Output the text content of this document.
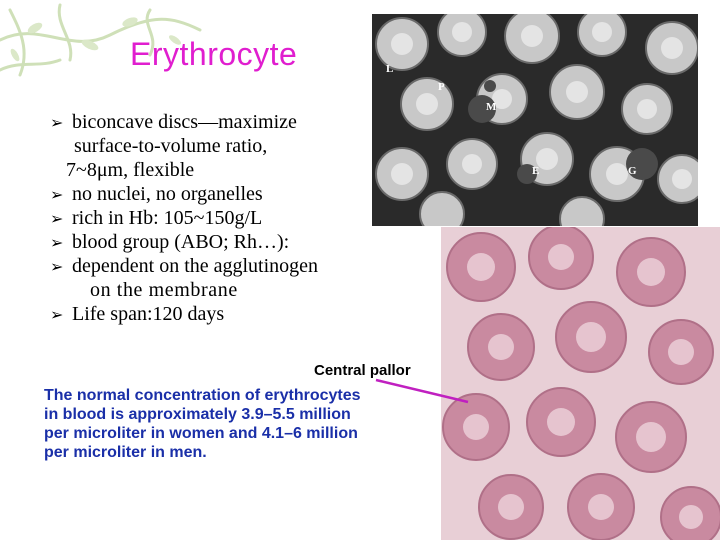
Erythrocyte
➢ biconcave discs—maximize
surface-to-volume ratio,
7~8μm, flexible
➢ no nuclei, no organelles
➢ rich in Hb: 105~150g/L
➢ blood group (ABO; Rh…):
➢ dependent on the agglutinogen
on the membrane
➢ Life span:120 days
L
P
M
E	G
Central pallor
The normal concentration of erythrocytes in blood is approximately 3.9–5.5 million per microliter in women and 4.1–6 million per microliter in men.
